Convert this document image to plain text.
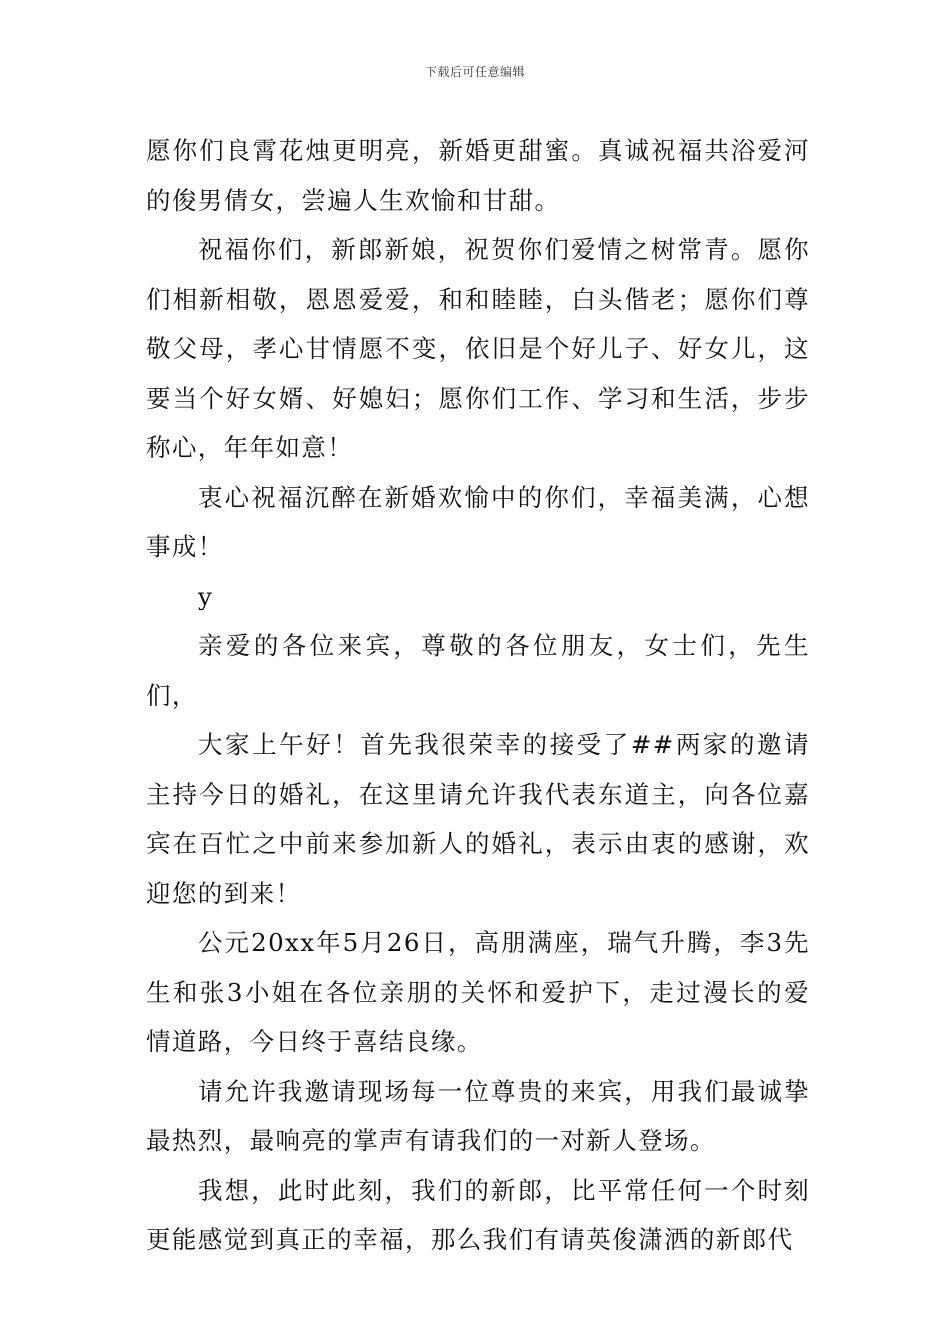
下载后可任意编辑

愿你们良霄花烛更明亮，新婚更甜蜜。真诚祝福共浴爱河的俊男倩女，尝遍人生欢愉和甘甜。

祝福你们，新郎新娘，祝贺你们爱情之树常青。愿你们相新相敬，恩恩爱爱，和和睦睦，白头偕老；愿你们尊敬父母，孝心甘情愿不变，依旧是个好儿子、好女儿，这要当个好女婿、好媳妇；愿你们工作、学习和生活，步步称心，年年如意！

衷心祝福沉醉在新婚欢愉中的你们，幸福美满，心想事成！

y

亲爱的各位来宾，尊敬的各位朋友，女士们，先生们，

大家上午好！首先我很荣幸的接受了##两家的邀请主持今日的婚礼，在这里请允许我代表东道主，向各位嘉宾在百忙之中前来参加新人的婚礼，表示由衷的感谢，欢迎您的到来！

公元20xx年5月26日，高朋满座，瑞气升腾，李3先生和张3小姐在各位亲朋的关怀和爱护下，走过漫长的爱情道路，今日终于喜结良缘。

请允许我邀请现场每一位尊贵的来宾，用我们最诚挚最热烈，最响亮的掌声有请我们的一对新人登场。

我想，此时此刻，我们的新郎，比平常任何一个时刻更能感觉到真正的幸福，那么我们有请英俊潇洒的新郎代
